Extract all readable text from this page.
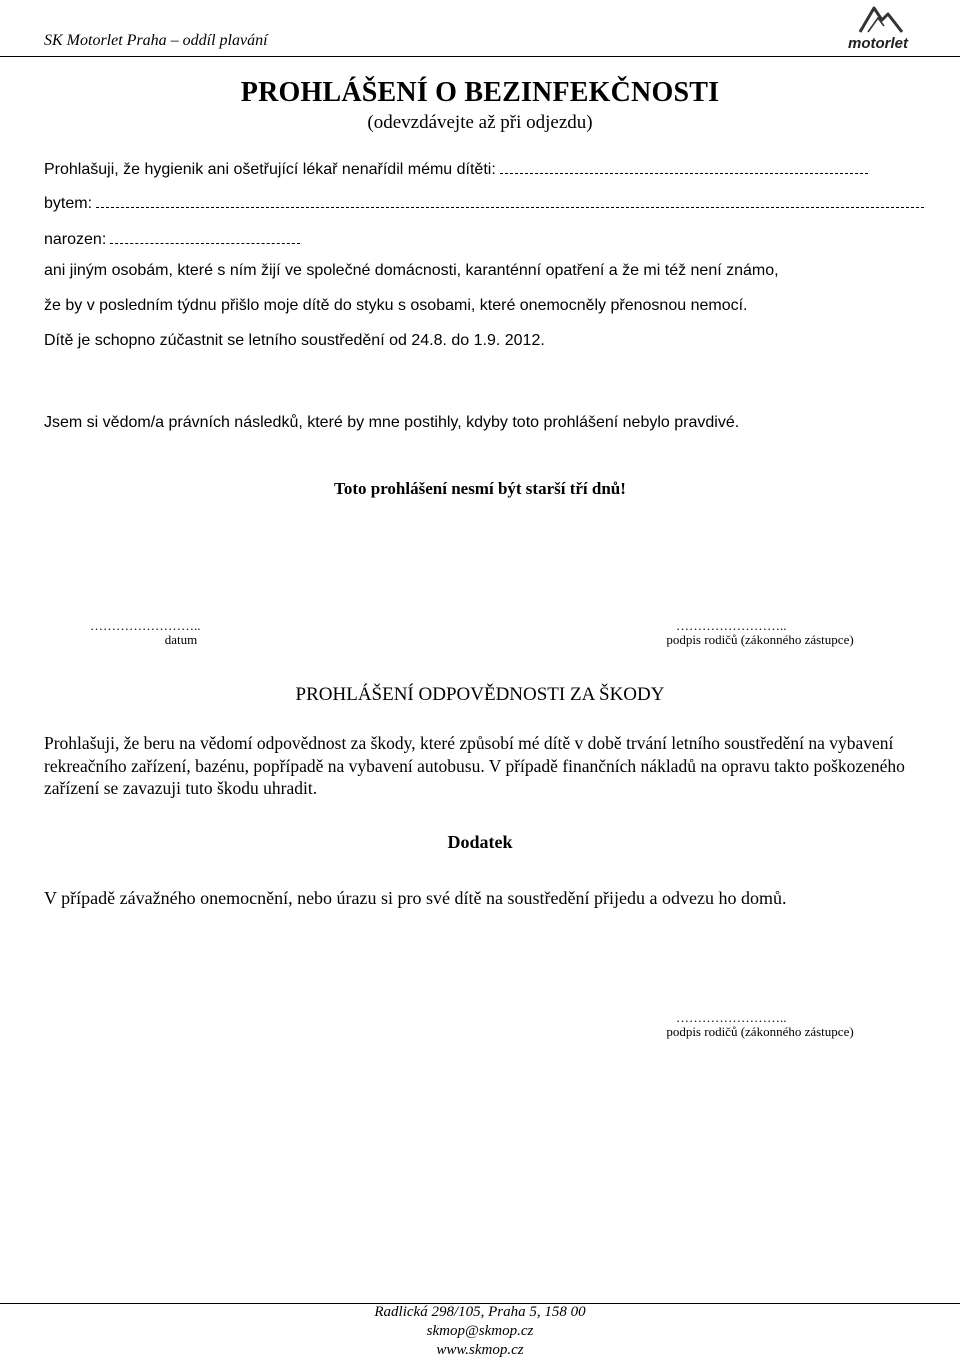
SK Motorlet Praha – oddíl plavání	motorlet
PROHLÁŠENÍ O BEZINFEKČNOSTI
(odevzdávejte až při odjezdu)
Prohlašuji, že hygienik ani ošetřující lékař nenařídil mému dítěti:
bytem:
narozen:
ani jiným osobám, které s ním žijí ve společné domácnosti, karanténní opatření a že mi též není známo,
že by v posledním týdnu přišlo moje dítě do styku s osobami, které onemocněly přenosnou nemocí.
Dítě je schopno zúčastnit se letního soustředění od 24.8. do 1.9. 2012.
Jsem si vědom/a právních následků, které by mne postihly, kdyby toto prohlášení nebylo pravdivé.
Toto prohlášení nesmí být starší tří dnů!
……………………..
datum
……………………..
podpis rodičů (zákonného zástupce)
PROHLÁŠENÍ ODPOVĚDNOSTI ZA ŠKODY
Prohlašuji, že beru na vědomí odpovědnost za škody, které způsobí mé dítě v době trvání letního soustředění na vybavení rekreačního zařízení, bazénu, popřípadě na vybavení autobusu. V případě finančních nákladů na opravu takto poškozeného zařízení se zavazuji tuto škodu uhradit.
Dodatek
V případě závažného onemocnění, nebo úrazu si pro své dítě na soustředění přijedu a odvezu ho domů.
……………………..
podpis rodičů (zákonného zástupce)
Radlická 298/105, Praha 5, 158 00
skmop@skmop.cz
www.skmop.cz
